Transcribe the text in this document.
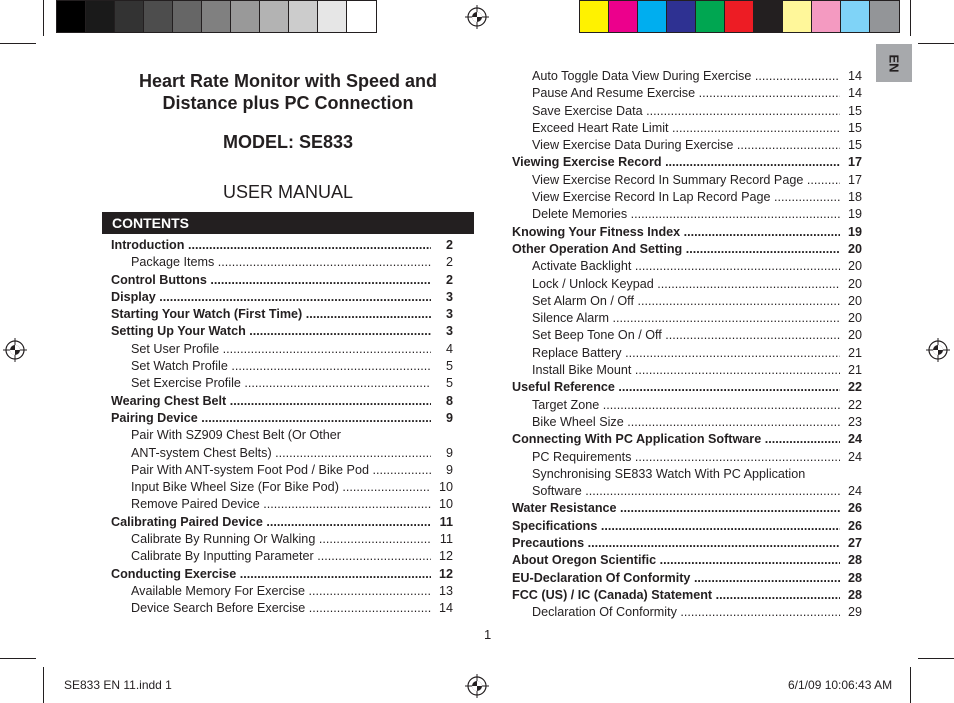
EN
Heart Rate Monitor with Speed and
Distance plus PC Connection
MODEL: SE833
USER MANUAL
CONTENTS
Introduction .....	2
Package Items .....	2
Control Buttons .....	2
Display .....	3
Starting Your Watch (First Time) .....	3
Setting Up Your Watch .....	3
Set User Profile .....	4
Set Watch Profile .....	5
Set Exercise Profile .....	5
Wearing Chest Belt .....	8
Pairing Device .....	9
Pair With SZ909 Chest Belt (Or Other
ANT-system Chest Belts) .....	9
Pair With ANT-system Foot Pod / Bike Pod .....	9
Input Bike Wheel Size (For Bike Pod) .....	10
Remove Paired Device .....	10
Calibrating Paired Device .....	11
Calibrate By Running Or Walking .....	11
Calibrate By Inputting Parameter .....	12
Conducting Exercise .....	12
Available Memory For Exercise .....	13
Device Search Before Exercise .....	14
Auto Toggle Data View During Exercise .....	14
Pause And Resume Exercise .....	14
Save Exercise Data .....	15
Exceed Heart Rate Limit .....	15
View Exercise Data During Exercise .....	15
Viewing Exercise Record .....	17
View Exercise Record In Summary Record Page .....	17
View Exercise Record In Lap Record Page .....	18
Delete Memories .....	19
Knowing Your Fitness Index .....	19
Other Operation And Setting .....	20
Activate Backlight .....	20
Lock / Unlock Keypad .....	20
Set Alarm On / Off .....	20
Silence Alarm .....	20
Set Beep Tone On / Off .....	20
Replace Battery .....	21
Install Bike Mount .....	21
Useful Reference .....	22
Target Zone .....	22
Bike Wheel Size .....	23
Connecting With PC Application Software .....	24
PC Requirements .....	24
Synchronising SE833 Watch With PC Application
Software .....	24
Water Resistance .....	26
Specifications .....	26
Precautions .....	27
About Oregon Scientific .....	28
EU-Declaration Of Conformity .....	28
FCC (US) / IC (Canada) Statement .....	28
Declaration Of Conformity .....	29
1
SE833 EN 11.indd 1	6/1/09 10:06:43 AM
